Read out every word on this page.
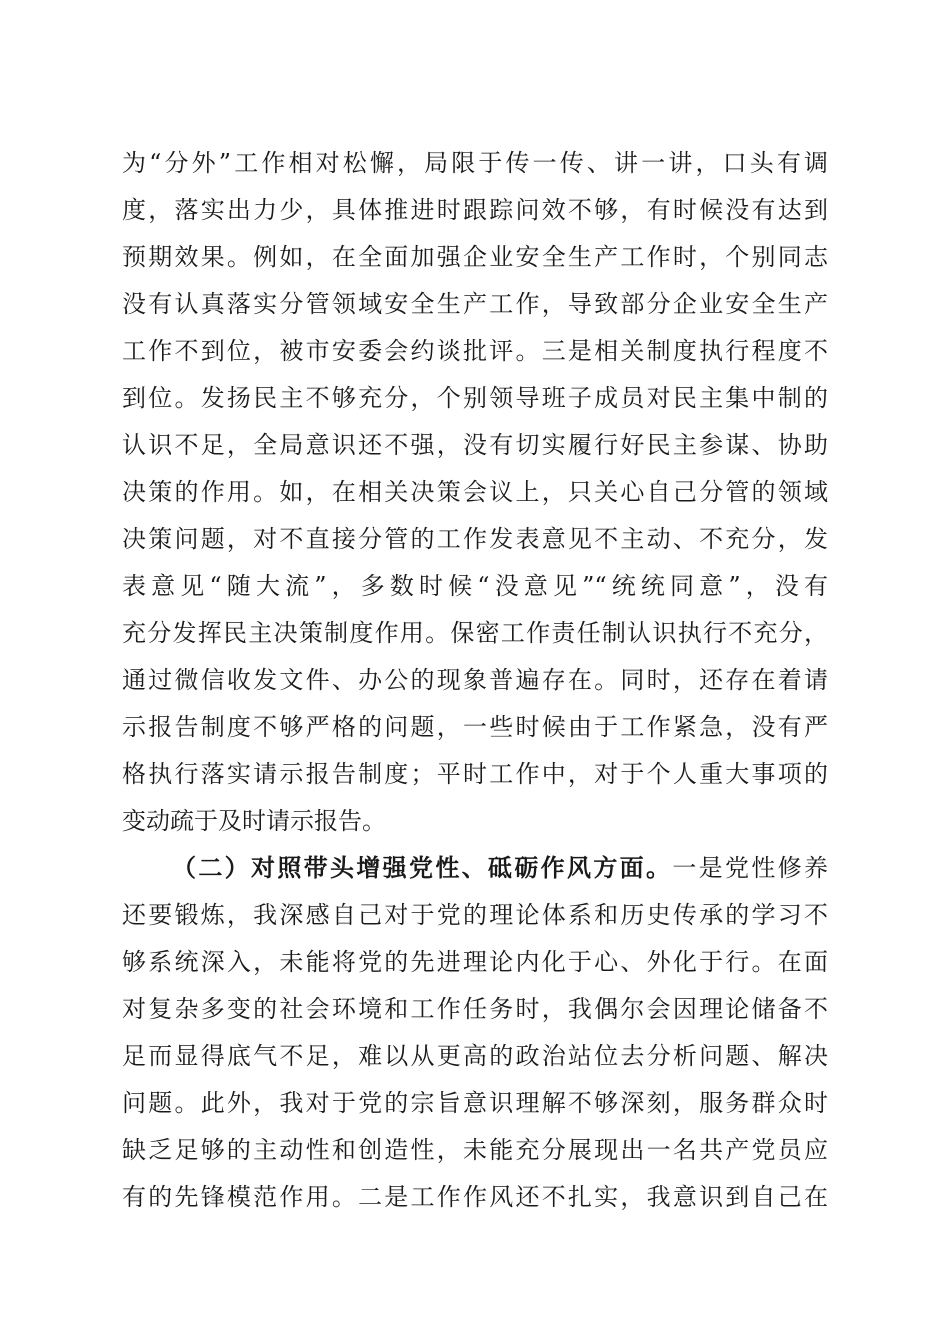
为“分外”工作相对松懈，局限于传一传、讲一讲，口头有调
度，落实出力少，具体推进时跟踪问效不够，有时候没有达到
预期效果。例如，在全面加强企业安全生产工作时，个别同志
没有认真落实分管领域安全生产工作，导致部分企业安全生产
工作不到位，被市安委会约谈批评。三是相关制度执行程度不
到位。发扬民主不够充分，个别领导班子成员对民主集中制的
认识不足，全局意识还不强，没有切实履行好民主参谋、协助
决策的作用。如，在相关决策会议上，只关心自己分管的领域
决策问题，对不直接分管的工作发表意见不主动、不充分，发
表意见“随大流”，多数时候“没意见”“统统同意”，没有
充分发挥民主决策制度作用。保密工作责任制认识执行不充分，
通过微信收发文件、办公的现象普遍存在。同时，还存在着请
示报告制度不够严格的问题，一些时候由于工作紧急，没有严
格执行落实请示报告制度；平时工作中，对于个人重大事项的
变动疏于及时请示报告。
（二）对照带头增强党性、砥砺作风方面。一是党性修养
还要锻炼，我深感自己对于党的理论体系和历史传承的学习不
够系统深入，未能将党的先进理论内化于心、外化于行。在面
对复杂多变的社会环境和工作任务时，我偶尔会因理论储备不
足而显得底气不足，难以从更高的政治站位去分析问题、解决
问题。此外，我对于党的宗旨意识理解不够深刻，服务群众时
缺乏足够的主动性和创造性，未能充分展现出一名共产党员应
有的先锋模范作用。二是工作作风还不扎实，我意识到自己在
